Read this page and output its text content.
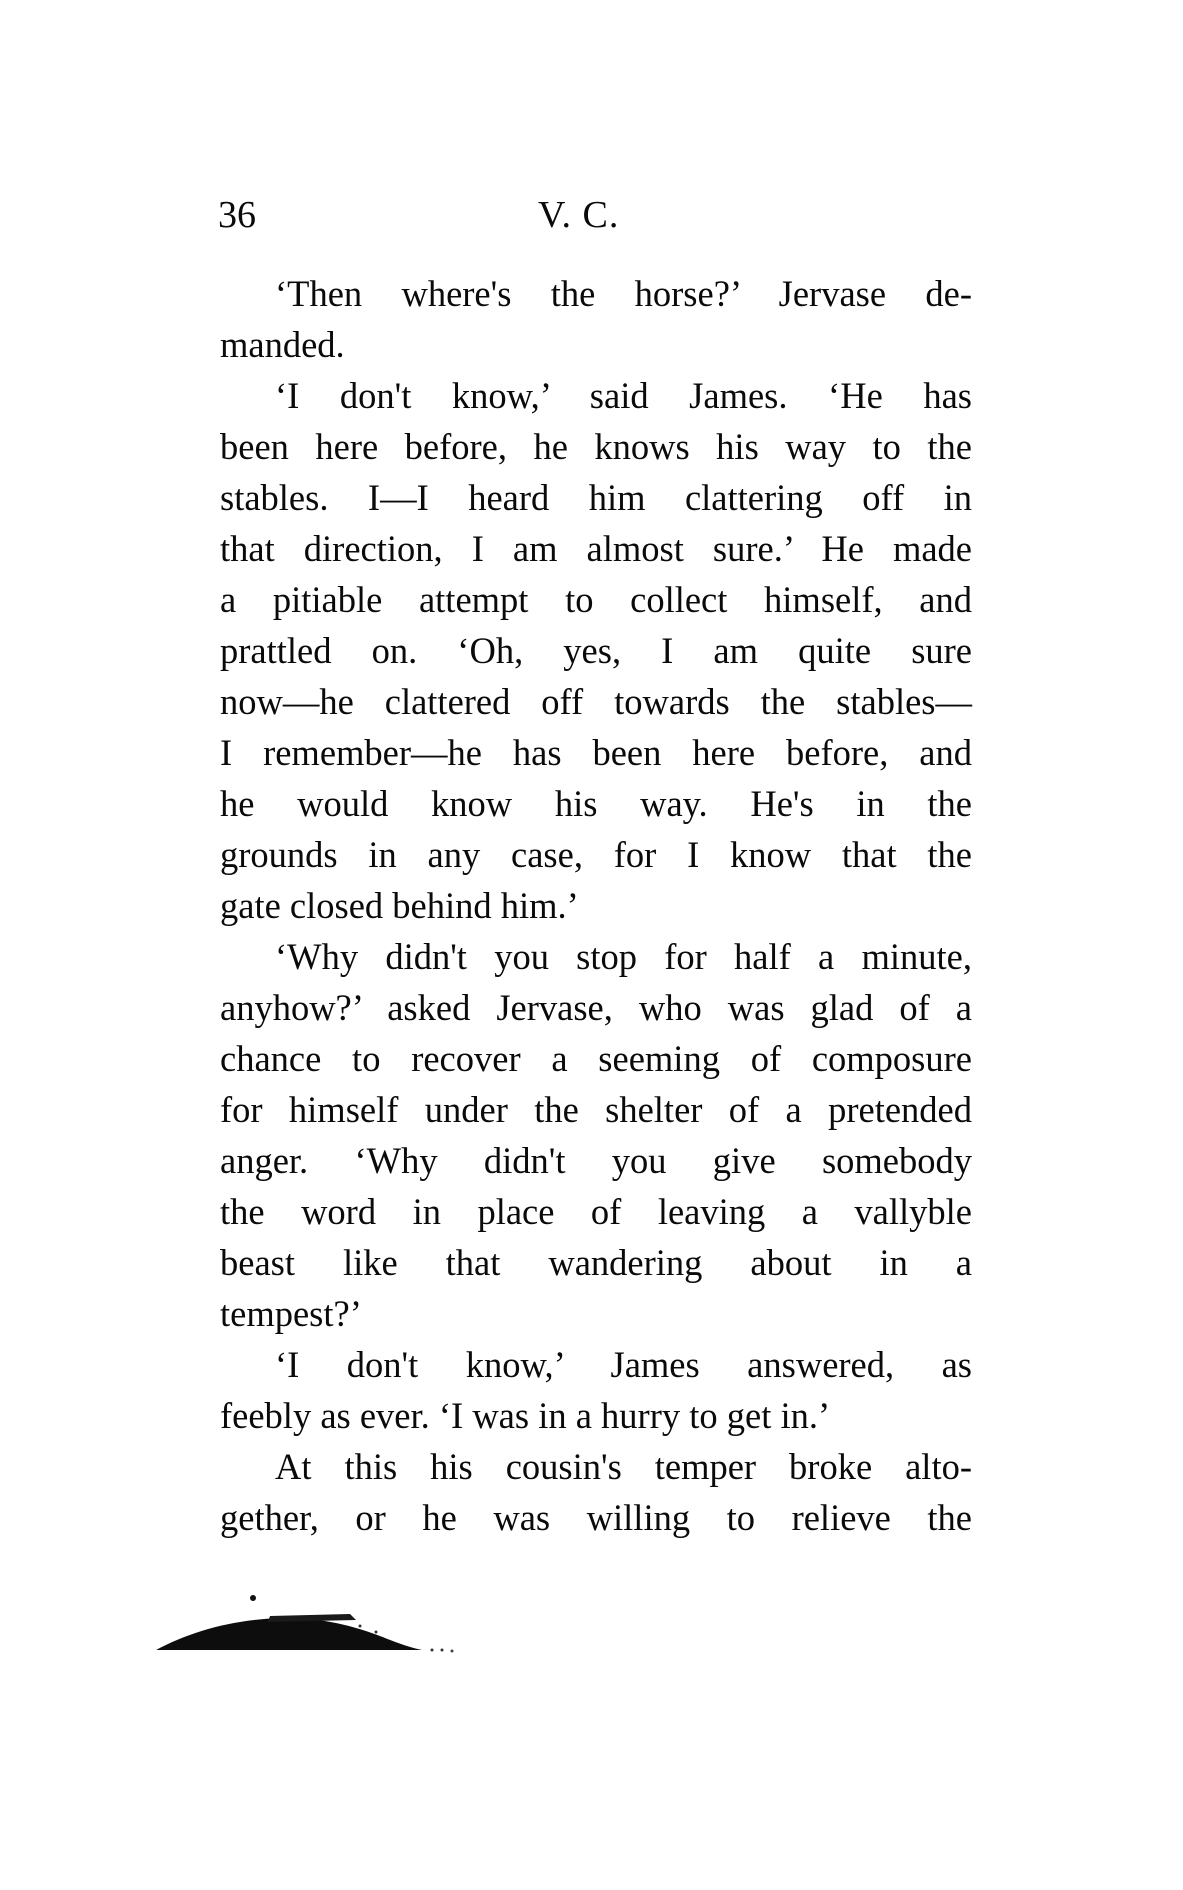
36	V. C.
‘Then where's the horse?’ Jervase de-
manded.
‘I don't know,’ said James. ‘He has
been here before, he knows his way to the
stables. I—I heard him clattering off in
that direction, I am almost sure.’ He made
a pitiable attempt to collect himself, and
prattled on. ‘Oh, yes, I am quite sure
now—he clattered off towards the stables—
I remember—he has been here before, and
he would know his way. He's in the
grounds in any case, for I know that the
gate closed behind him.’
‘Why didn't you stop for half a minute,
anyhow?’ asked Jervase, who was glad of a
chance to recover a seeming of composure
for himself under the shelter of a pretended
anger. ‘Why didn't you give somebody
the word in place of leaving a vallyble
beast like that wandering about in a
tempest?’
‘I don't know,’ James answered, as
feebly as ever. ‘I was in a hurry to get in.’
At this his cousin's temper broke alto-
gether, or he was willing to relieve the
